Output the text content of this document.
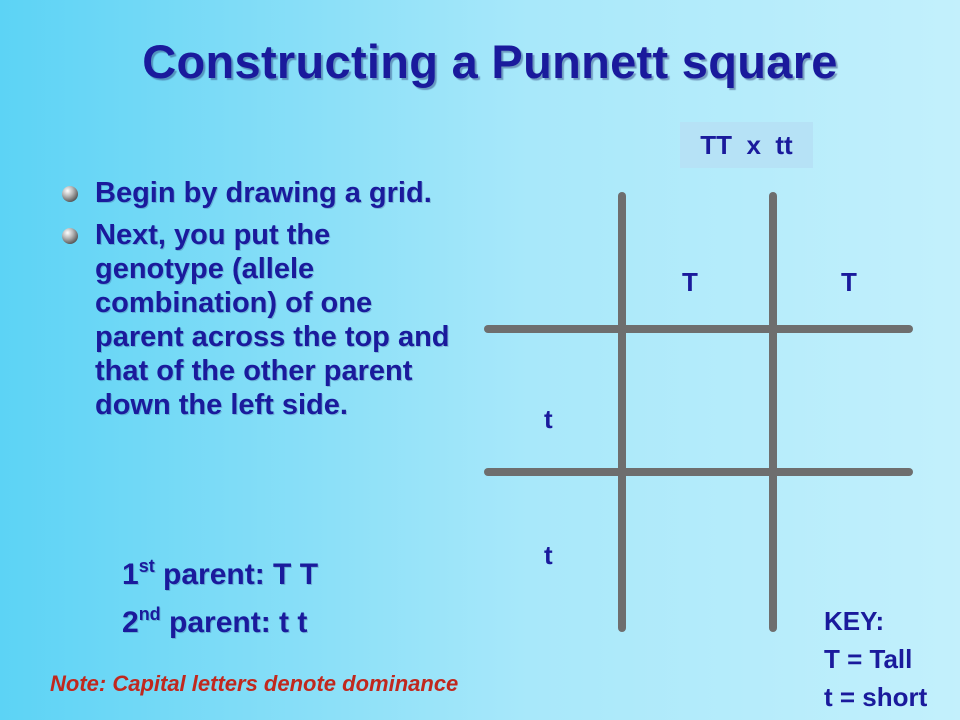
Constructing a Punnett square
TT  x  tt
Begin by drawing a grid.
Next, you put the genotype (allele combination) of one parent across the top and that of the other parent down the left side.
1st parent: T T
2nd parent: t t
T	T
t
t
KEY:
T = Tall
t = short
Note: Capital letters denote dominance
